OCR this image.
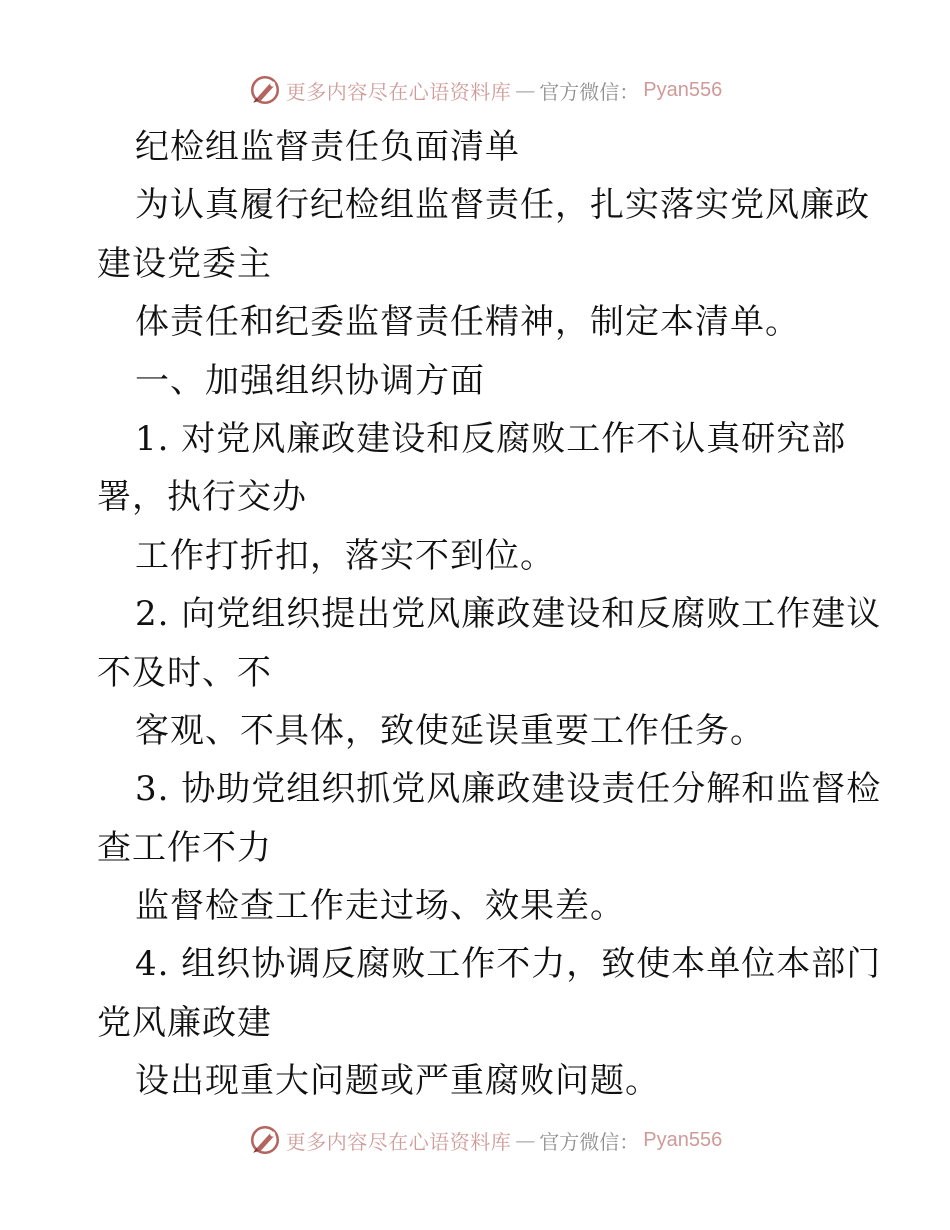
更多内容尽在心语资料库 — 官方微信： Pyan556
纪检组监督责任负面清单
为认真履行纪检组监督责任，扎实落实党风廉政
建设党委主
体责任和纪委监督责任精神，制定本清单。
一、加强组织协调方面
1. 对党风廉政建设和反腐败工作不认真研究部
署，执行交办
工作打折扣，落实不到位。
2. 向党组织提出党风廉政建设和反腐败工作建议
不及时、不
客观、不具体，致使延误重要工作任务。
3. 协助党组织抓党风廉政建设责任分解和监督检
查工作不力
监督检查工作走过场、效果差。
4. 组织协调反腐败工作不力，致使本单位本部门
党风廉政建
设出现重大问题或严重腐败问题。
更多内容尽在心语资料库 — 官方微信： Pyan556
